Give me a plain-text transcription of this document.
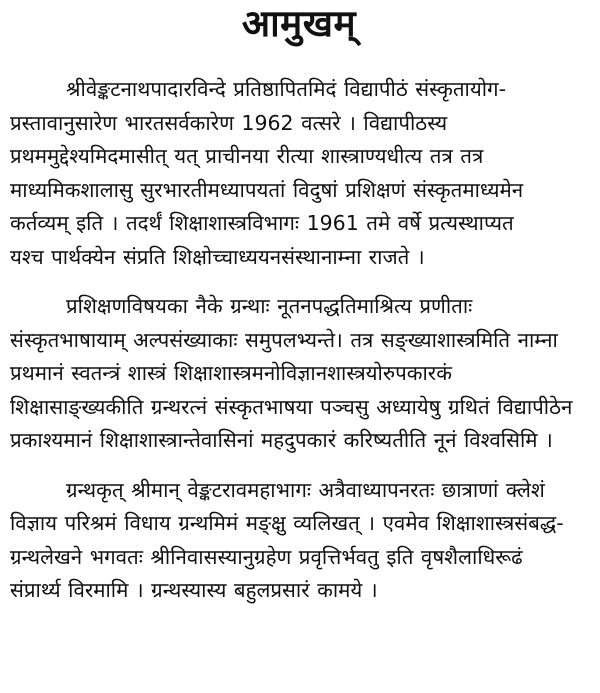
आमुखम्

श्रीवेङ्कटनाथपादारविन्दे प्रतिष्ठापितमिदं विद्यापीठं संस्कृतायोग-
प्रस्तावानुसारेण भारतसर्वकारेण 1962 वत्सरे । विद्यापीठस्य
प्रथममुद्देश्यमिदमासीत् यत् प्राचीनया रीत्या शास्त्राण्यधीत्य तत्र तत्र
माध्यमिकशालासु सुरभारतीमध्यापयतां विदुषां प्रशिक्षणं संस्कृतमाध्यमेन
कर्तव्यम् इति । तदर्थं शिक्षाशास्त्रविभागः 1961 तमे वर्षे प्रत्यस्थाप्यत
यश्च पार्थक्येन संप्रति शिक्षोच्चाध्ययनसंस्थानाम्ना राजते ।

प्रशिक्षणविषयका नैके ग्रन्थाः नूतनपद्धतिमाश्रित्य प्रणीताः
संस्कृतभाषायाम् अल्पसंख्याकाः समुपलभ्यन्ते। तत्र सङ्ख्याशास्त्रमिति नाम्ना
प्रथमानं स्वतन्त्रं शास्त्रं शिक्षाशास्त्रमनोविज्ञानशास्त्रयोरुपकारकं
शिक्षासाङ्ख्यकीति ग्रन्थरत्नं संस्कृतभाषया पञ्चसु अध्यायेषु ग्रथितं विद्यापीठेन
प्रकाश्यमानं शिक्षाशास्त्रान्तेवासिनां महदुपकारं करिष्यतीति नूनं विश्वसिमि ।

ग्रन्थकृत् श्रीमान् वेङ्कटरावमहाभागः अत्रैवाध्यापनरतः छात्राणां क्लेशं
विज्ञाय परिश्रमं विधाय ग्रन्थमिमं मङ्क्षु व्यलिखत् । एवमेव शिक्षाशास्त्रसंबद्ध-
ग्रन्थलेखने भगवतः श्रीनिवासस्यानुग्रहेण प्रवृत्तिर्भवतु इति वृषशैलाधिरूढं
संप्रार्थ्य विरमामि । ग्रन्थस्यास्य बहुलप्रसारं कामये ।
